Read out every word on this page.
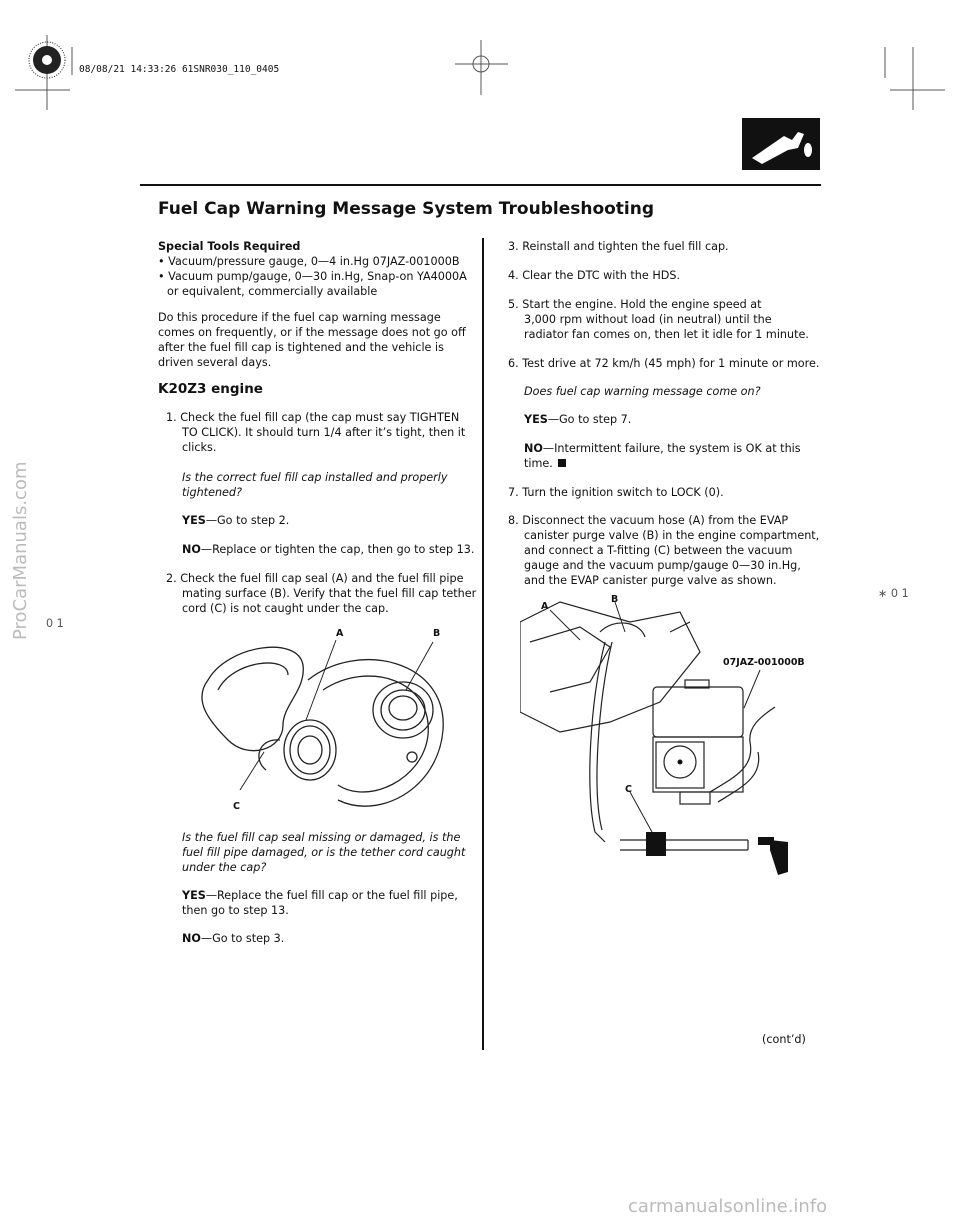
08/08/21 14:33:26 61SNR030_110_0405
Fuel Cap Warning Message System Troubleshooting
Special Tools Required
• Vacuum/pressure gauge, 0—4 in.Hg 07JAZ-001000B
• Vacuum pump/gauge, 0—30 in.Hg, Snap-on YA4000A
or equivalent, commercially available
Do this procedure if the fuel cap warning message
comes on frequently, or if the message does not go off
after the fuel fill cap is tightened and the vehicle is
driven several days.
K20Z3 engine
1. Check the fuel fill cap (the cap must say TIGHTEN
TO CLICK). It should turn 1/4 after it’s tight, then it
clicks.
Is the correct fuel fill cap installed and properly
tightened?
YES—Go to step 2.
NO—Replace or tighten the cap, then go to step 13.
2. Check the fuel fill cap seal (A) and the fuel fill pipe
mating surface (B). Verify that the fuel fill cap tether
cord (C) is not caught under the cap.
A	B
C
Is the fuel fill cap seal missing or damaged, is the
fuel fill pipe damaged, or is the tether cord caught
under the cap?
YES—Replace the fuel fill cap or the fuel fill pipe,
then go to step 13.
NO—Go to step 3.
3. Reinstall and tighten the fuel fill cap.
4. Clear the DTC with the HDS.
5. Start the engine. Hold the engine speed at
3,000 rpm without load (in neutral) until the
radiator fan comes on, then let it idle for 1 minute.
6. Test drive at 72 km/h (45 mph) for 1 minute or more.
Does fuel cap warning message come on?
YES—Go to step 7.
NO—Intermittent failure, the system is OK at this
time.
7. Turn the ignition switch to LOCK (0).
8. Disconnect the vacuum hose (A) from the EVAP
canister purge valve (B) in the engine compartment,
and connect a T-fitting (C) between the vacuum
gauge and the vacuum pump/gauge 0—30 in.Hg,
and the EVAP canister purge valve as shown.
A
B
07JAZ-001000B
C
(cont’d)
ProCarManuals.com	∗ 0 1
0 1
carmanualsonline.info
